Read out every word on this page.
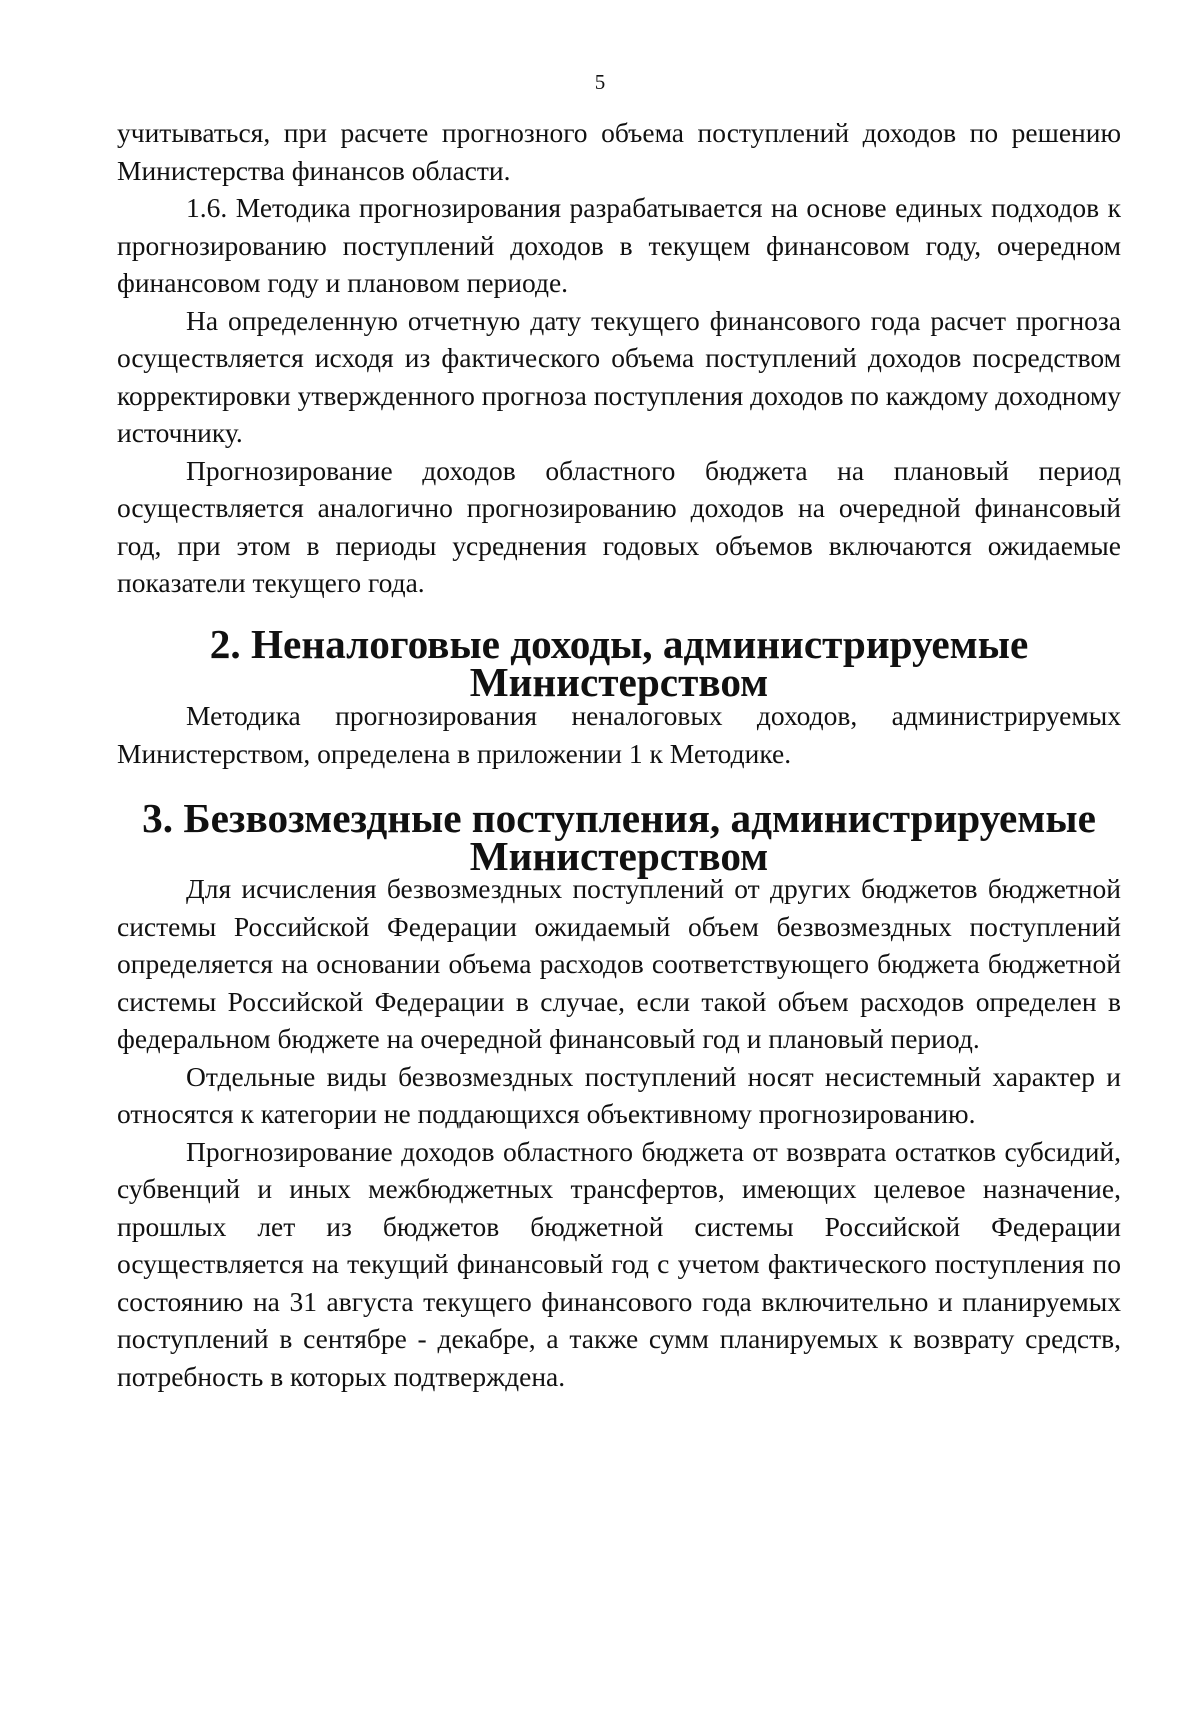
5

учитываться, при расчете прогнозного объема поступлений доходов по решению Министерства финансов области.

1.6. Методика прогнозирования разрабатывается на основе единых подходов к прогнозированию поступлений доходов в текущем финансовом году, очередном финансовом году и плановом периоде.

На определенную отчетную дату текущего финансового года расчет прогноза осуществляется исходя из фактического объема поступлений доходов посредством корректировки утвержденного прогноза поступления доходов по каждому доходному источнику.

Прогнозирование доходов областного бюджета на плановый период осуществляется аналогично прогнозированию доходов на очередной финансовый год, при этом в периоды усреднения годовых объемов включаются ожидаемые показатели текущего года.

2. Неналоговые доходы, администрируемые Министерством

Методика прогнозирования неналоговых доходов, администрируемых Министерством, определена в приложении 1 к Методике.

3. Безвозмездные поступления, администрируемые Министерством

Для исчисления безвозмездных поступлений от других бюджетов бюджетной системы Российской Федерации ожидаемый объем безвозмездных поступлений определяется на основании объема расходов соответствующего бюджета бюджетной системы Российской Федерации в случае, если такой объем расходов определен в федеральном бюджете на очередной финансовый год и плановый период.

Отдельные виды безвозмездных поступлений носят несистемный характер и относятся к категории не поддающихся объективному прогнозированию.

Прогнозирование доходов областного бюджета от возврата остатков субсидий, субвенций и иных межбюджетных трансфертов, имеющих целевое назначение, прошлых лет из бюджетов бюджетной системы Российской Федерации осуществляется на текущий финансовый год с учетом фактического поступления по состоянию на 31 августа текущего финансового года включительно и планируемых поступлений в сентябре - декабре, а также сумм планируемых к возврату средств, потребность в которых подтверждена.
